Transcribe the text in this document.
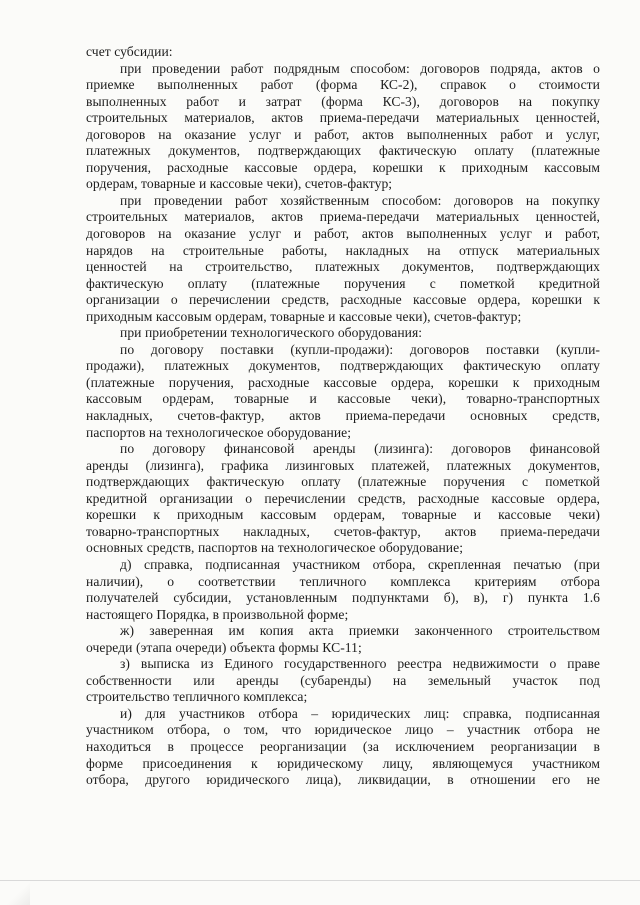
счет субсидии:
при проведении работ подрядным способом: договоров подряда, актов о
приемке выполненных работ (форма КС-2), справок о стоимости
выполненных работ и затрат (форма КС-3), договоров на покупку
строительных материалов, актов приема-передачи материальных ценностей,
договоров на оказание услуг и работ, актов выполненных работ и услуг,
платежных документов, подтверждающих фактическую оплату (платежные
поручения, расходные кассовые ордера, корешки к приходным кассовым
ордерам, товарные и кассовые чеки), счетов-фактур;
при проведении работ хозяйственным способом: договоров на покупку
строительных материалов, актов приема-передачи материальных ценностей,
договоров на оказание услуг и работ, актов выполненных услуг и работ,
нарядов на строительные работы, накладных на отпуск материальных
ценностей на строительство, платежных документов, подтверждающих
фактическую оплату (платежные поручения с пометкой кредитной
организации о перечислении средств, расходные кассовые ордера, корешки к
приходным кассовым ордерам, товарные и кассовые чеки), счетов-фактур;
при приобретении технологического оборудования:
по договору поставки (купли-продажи): договоров поставки (купли-
продажи), платежных документов, подтверждающих фактическую оплату
(платежные поручения, расходные кассовые ордера, корешки к приходным
кассовым ордерам, товарные и кассовые чеки), товарно-транспортных
накладных, счетов-фактур, актов приема-передачи основных средств,
паспортов на технологическое оборудование;
по договору финансовой аренды (лизинга): договоров финансовой
аренды (лизинга), графика лизинговых платежей, платежных документов,
подтверждающих фактическую оплату (платежные поручения с пометкой
кредитной организации о перечислении средств, расходные кассовые ордера,
корешки к приходным кассовым ордерам, товарные и кассовые чеки)
товарно-транспортных накладных, счетов-фактур, актов приема-передачи
основных средств, паспортов на технологическое оборудование;
д) справка, подписанная участником отбора, скрепленная печатью (при
наличии), о соответствии тепличного комплекса критериям отбора
получателей субсидии, установленным подпунктами б), в), г) пункта 1.6
настоящего Порядка, в произвольной форме;
ж) заверенная им копия акта приемки законченного строительством
очереди (этапа очереди) объекта формы КС-11;
з) выписка из Единого государственного реестра недвижимости о праве
собственности или аренды (субаренды) на земельный участок под
строительство тепличного комплекса;
и) для участников отбора – юридических лиц: справка, подписанная
участником отбора, о том, что юридическое лицо – участник отбора не
находиться в процессе реорганизации (за исключением реорганизации в
форме присоединения к юридическому лицу, являющемуся участником
отбора, другого юридического лица), ликвидации, в отношении его не
